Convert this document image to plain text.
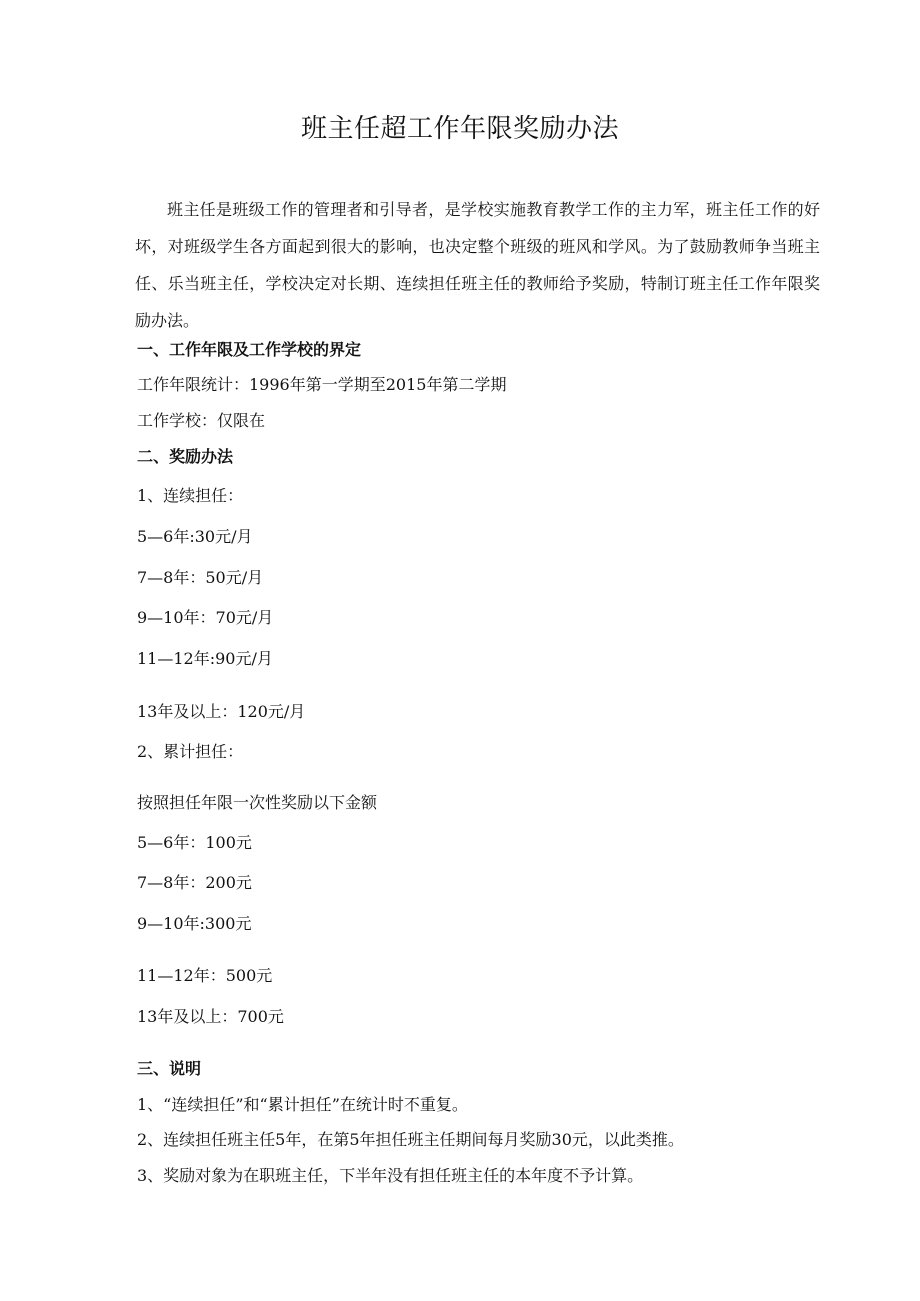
班主任超工作年限奖励办法

班主任是班级工作的管理者和引导者，是学校实施教育教学工作的主力军，班主任工作的好坏，对班级学生各方面起到很大的影响，也决定整个班级的班风和学风。为了鼓励教师争当班主任、乐当班主任，学校决定对长期、连续担任班主任的教师给予奖励，特制订班主任工作年限奖励办法。

一、工作年限及工作学校的界定
工作年限统计：1996年第一学期至2015年第二学期
工作学校：仅限在
二、奖励办法
1、连续担任：
5—6年:30元/月
7—8年：50元/月
9—10年：70元/月
11—12年:90元/月
13年及以上：120元/月
2、累计担任：
按照担任年限一次性奖励以下金额
5—6年：100元
7—8年：200元
9—10年:300元
11—12年：500元
13年及以上：700元
三、说明
1、“连续担任”和“累计担任”在统计时不重复。
2、连续担任班主任5年，在第5年担任班主任期间每月奖励30元，以此类推。
3、奖励对象为在职班主任，下半年没有担任班主任的本年度不予计算。
